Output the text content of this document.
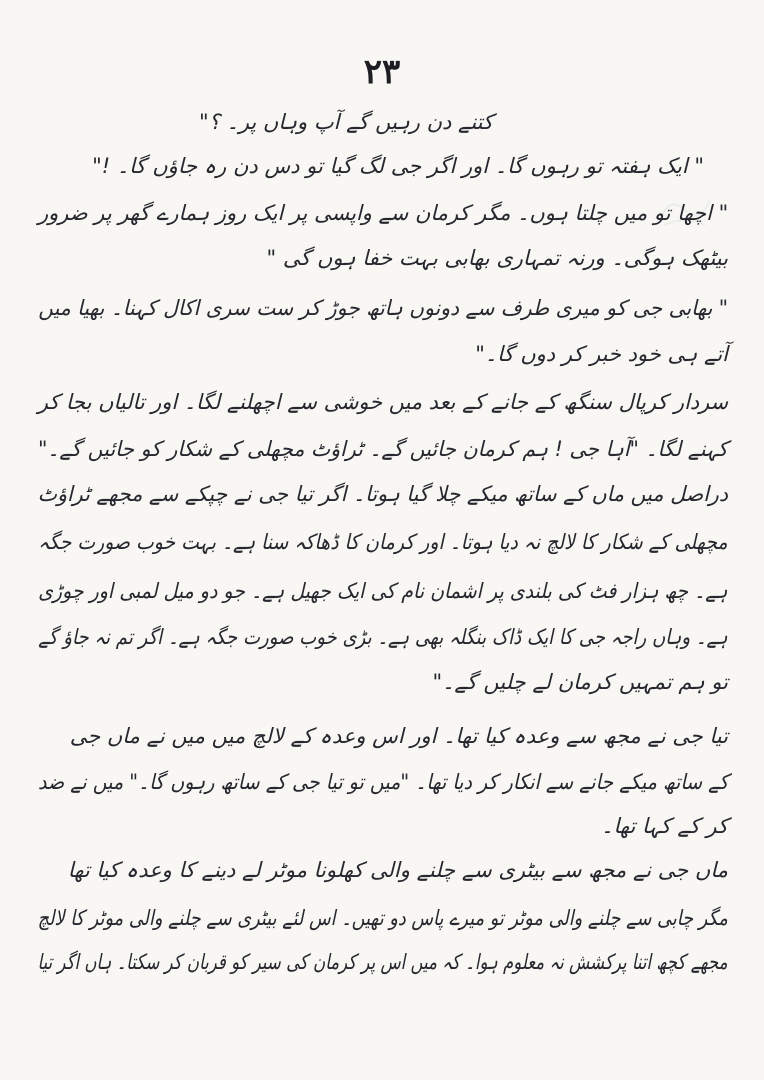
۲۳
کتنے دن رہیں گے آپ وہاں پر۔ ؟"
" ایک ہفتہ تو رہوں گا۔ اور اگر جی لگ گیا تو دس دن رہ جاؤں گا۔ !"
" اچھا تو میں چلتا ہوں۔ مگر کرمان سے واپسی پر ایک روز ہمارے گھر پر ضرور
بیٹھک ہوگی۔ ورنہ تمہاری بھابی بہت خفا ہوں گی "
" بھابی جی کو میری طرف سے دونوں ہاتھ جوڑ کر ست سری اکال کہنا۔ بھیا میں
آتے ہی خود خبر کر دوں گا۔"
سردار کرپال سنگھ کے جانے کے بعد میں خوشی سے اچھلنے لگا۔ اور تالیاں بجا کر
کہنے لگا۔ "آہا جی ! ہم کرمان جائیں گے۔ ٹراؤٹ مچھلی کے شکار کو جائیں گے۔"
دراصل میں ماں کے ساتھ میکے چلا گیا ہوتا۔ اگر تیا جی نے چپکے سے مجھے ٹراؤٹ
مچھلی کے شکار کا لالچ نہ دیا ہوتا۔ اور کرمان کا ڈھاکہ سنا ہے۔ بہت خوب صورت جگہ
ہے۔ چھ ہزار فٹ کی بلندی پر اشمان نام کی ایک جھیل ہے۔ جو دو میل لمبی اور چوڑی
ہے۔ وہاں راجہ جی کا ایک ڈاک بنگلہ بھی ہے۔ بڑی خوب صورت جگہ ہے۔ اگر تم نہ جاؤ گے
تو ہم تمہیں کرمان لے چلیں گے۔"
تیا جی نے مجھ سے وعدہ کیا تھا۔ اور اس وعدہ کے لالچ میں میں نے ماں جی
کے ساتھ میکے جانے سے انکار کر دیا تھا۔ "میں تو تیا جی کے ساتھ رہوں گا۔" میں نے ضد
کر کے کہا تھا۔
ماں جی نے مجھ سے بیٹری سے چلنے والی کھلونا موٹر لے دینے کا وعدہ کیا تھا
مگر چابی سے چلنے والی موٹر تو میرے پاس دو تھیں۔ اس لئے بیٹری سے چلنے والی موٹر کا لالچ
مجھے کچھ اتنا پرکشش نہ معلوم ہوا۔ کہ میں اس پر کرمان کی سیر کو قربان کر سکتا۔ ہاں اگر تیا
